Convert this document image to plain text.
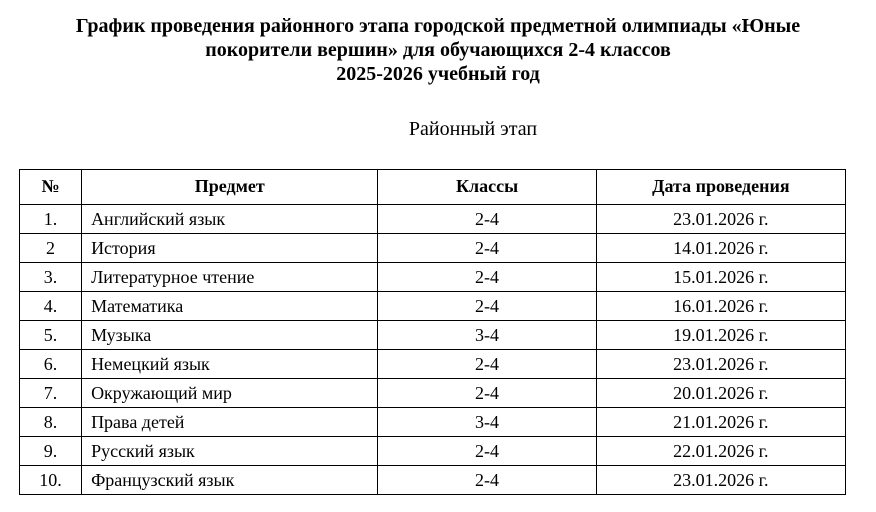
График проведения районного этапа городской предметной олимпиады «Юные
покорители вершин» для обучающихся 2-4 классов
2025-2026 учебный год
Районный этап
№	Предмет	Классы	Дата проведения
1.	Английский язык	2-4	23.01.2026 г.
2	История	2-4	14.01.2026 г.
3.	Литературное чтение	2-4	15.01.2026 г.
4.	Математика	2-4	16.01.2026 г.
5.	Музыка	3-4	19.01.2026 г.
6.	Немецкий язык	2-4	23.01.2026 г.
7.	Окружающий мир	2-4	20.01.2026 г.
8.	Права детей	3-4	21.01.2026 г.
9.	Русский язык	2-4	22.01.2026 г.
10.	Французский язык	2-4	23.01.2026 г.
